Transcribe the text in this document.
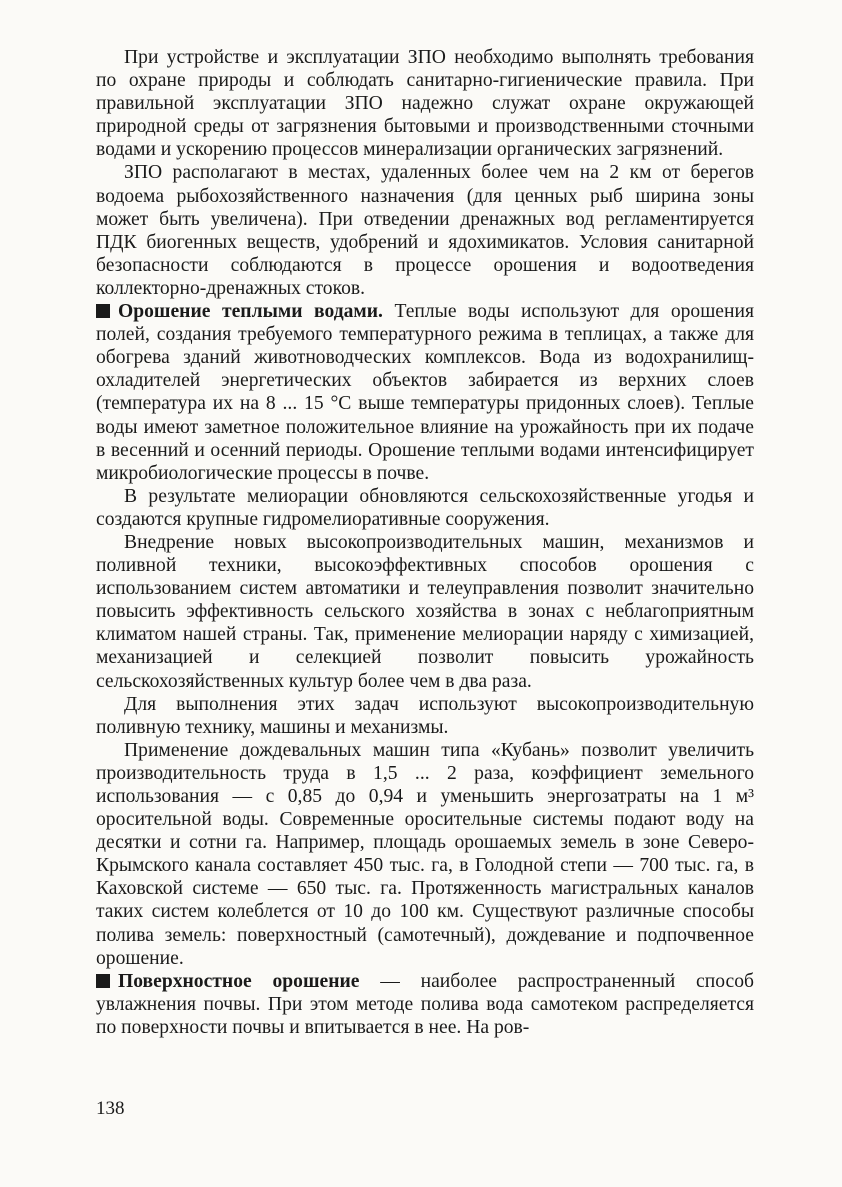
При устройстве и эксплуатации ЗПО необходимо выполнять требования по охране природы и соблюдать санитарно-гигиенические правила. При правильной эксплуатации ЗПО надежно служат охране окружающей природной среды от загрязнения бытовыми и производственными сточными водами и ускорению процессов минерализации органических загрязнений.

ЗПО располагают в местах, удаленных более чем на 2 км от берегов водоема рыбохозяйственного назначения (для ценных рыб ширина зоны может быть увеличена). При отведении дренажных вод регламентируется ПДК биогенных веществ, удобрений и ядохимикатов. Условия санитарной безопасности соблюдаются в процессе орошения и водоотведения коллекторно-дренажных стоков.

Орошение теплыми водами. Теплые воды используют для орошения полей, создания требуемого температурного режима в теплицах, а также для обогрева зданий животноводческих комплексов. Вода из водохранилищ-охладителей энергетических объектов забирается из верхних слоев (температура их на 8 ... 15 °С выше температуры придонных слоев). Теплые воды имеют заметное положительное влияние на урожайность при их подаче в весенний и осенний периоды. Орошение теплыми водами интенсифицирует микробиологические процессы в почве.

В результате мелиорации обновляются сельскохозяйственные угодья и создаются крупные гидромелиоративные сооружения.

Внедрение новых высокопроизводительных машин, механизмов и поливной техники, высокоэффективных способов орошения с использованием систем автоматики и телеуправления позволит значительно повысить эффективность сельского хозяйства в зонах с неблагоприятным климатом нашей страны. Так, применение мелиорации наряду с химизацией, механизацией и селекцией позволит повысить урожайность сельскохозяйственных культур более чем в два раза.

Для выполнения этих задач используют высокопроизводительную поливную технику, машины и механизмы.

Применение дождевальных машин типа «Кубань» позволит увеличить производительность труда в 1,5 ... 2 раза, коэффициент земельного использования — с 0,85 до 0,94 и уменьшить энергозатраты на 1 м³ оросительной воды. Современные оросительные системы подают воду на десятки и сотни га. Например, площадь орошаемых земель в зоне Северо-Крымского канала составляет 450 тыс. га, в Голодной степи — 700 тыс. га, в Каховской системе — 650 тыс. га. Протяженность магистральных каналов таких систем колеблется от 10 до 100 км. Существуют различные способы полива земель: поверхностный (самотечный), дождевание и подпочвенное орошение.

Поверхностное орошение — наиболее распространенный способ увлажнения почвы. При этом методе полива вода самотеком распределяется по поверхности почвы и впитывается в нее. На ров-

138
